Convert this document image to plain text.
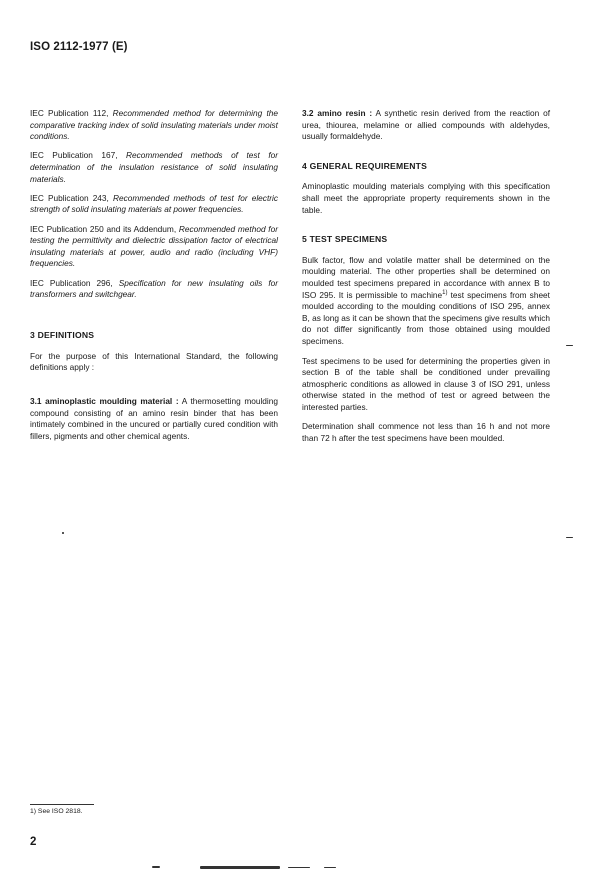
ISO 2112-1977 (E)

IEC Publication 112, Recommended method for determining the comparative tracking index of solid insulating materials under moist conditions.

IEC Publication 167, Recommended methods of test for determination of the insulation resistance of solid insulating materials.

IEC Publication 243, Recommended methods of test for electric strength of solid insulating materials at power frequencies.

IEC Publication 250 and its Addendum, Recommended method for testing the permittivity and dielectric dissipation factor of electrical insulating materials at power, audio and radio (including VHF) frequencies.

IEC Publication 296, Specification for new insulating oils for transformers and switchgear.

3 DEFINITIONS

For the purpose of this International Standard, the following definitions apply :

3.1 aminoplastic moulding material : A thermosetting moulding compound consisting of an amino resin binder that has been intimately combined in the uncured or partially cured condition with fillers, pigments and other chemical agents.

3.2 amino resin : A synthetic resin derived from the reaction of urea, thiourea, melamine or allied compounds with aldehydes, usually formaldehyde.

4 GENERAL REQUIREMENTS

Aminoplastic moulding materials complying with this specification shall meet the appropriate property requirements shown in the table.

5 TEST SPECIMENS

Bulk factor, flow and volatile matter shall be determined on the moulding material. The other properties shall be determined on moulded test specimens prepared in accordance with annex B to ISO 295. It is permissible to machine$^{1)}$ test specimens from sheet moulded according to the moulding conditions of ISO 295, annex B, as long as it can be shown that the specimens give results which do not differ significantly from those obtained using moulded specimens.

Test specimens to be used for determining the properties given in section B of the table shall be conditioned under prevailing atmospheric conditions as allowed in clause 3 of ISO 291, unless otherwise stated in the method of test or agreed between the interested parties.

Determination shall commence not less than 16 h and not more than 72 h after the test specimens have been moulded.

1) See ISO 2818.
2
